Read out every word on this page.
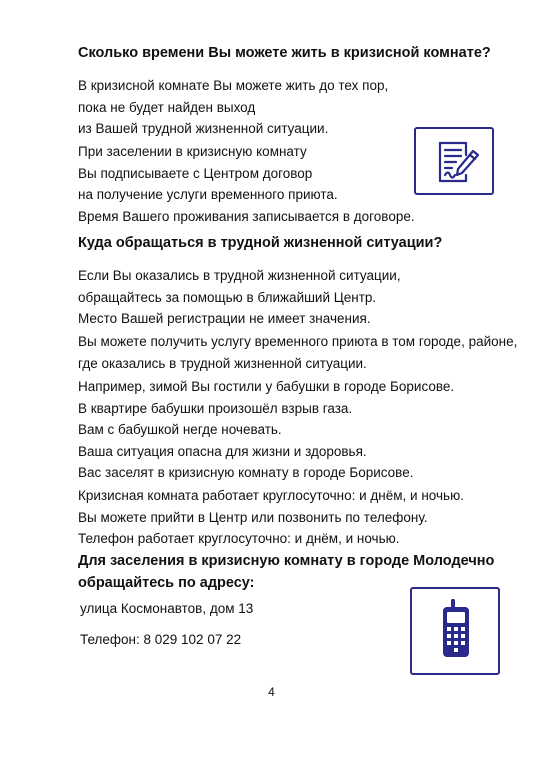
Сколько времени Вы можете жить в кризисной комнате?
В кризисной комнате Вы можете жить до тех пор,
пока не будет найден выход
из Вашей трудной жизненной ситуации.
При заселении в кризисную комнату
Вы подписываете с Центром договор
на получение услуги временного приюта.
Время Вашего проживания записывается в договоре.
Куда обращаться в трудной жизненной ситуации?
Если Вы оказались в трудной жизненной ситуации,
обращайтесь за помощью в ближайший Центр.
Место Вашей регистрации не имеет значения.
Вы можете получить услугу временного приюта в том городе, районе,
где оказались в трудной жизненной ситуации.
Например, зимой Вы гостили у бабушки в городе Борисове.
В квартире бабушки произошёл взрыв газа.
Вам с бабушкой негде ночевать.
Ваша ситуация опасна для жизни и здоровья.
Вас заселят в кризисную комнату в городе Борисове.
Кризисная комната работает круглосуточно: и днём, и ночью.
Вы можете прийти в Центр или позвонить по телефону.
Телефон работает круглосуточно: и днём, и ночью.
Для заселения в кризисную комнату в городе Молодечно
обращайтесь по адресу:
улица Космонавтов, дом 13
Телефон: 8 029 102 07 22
4
